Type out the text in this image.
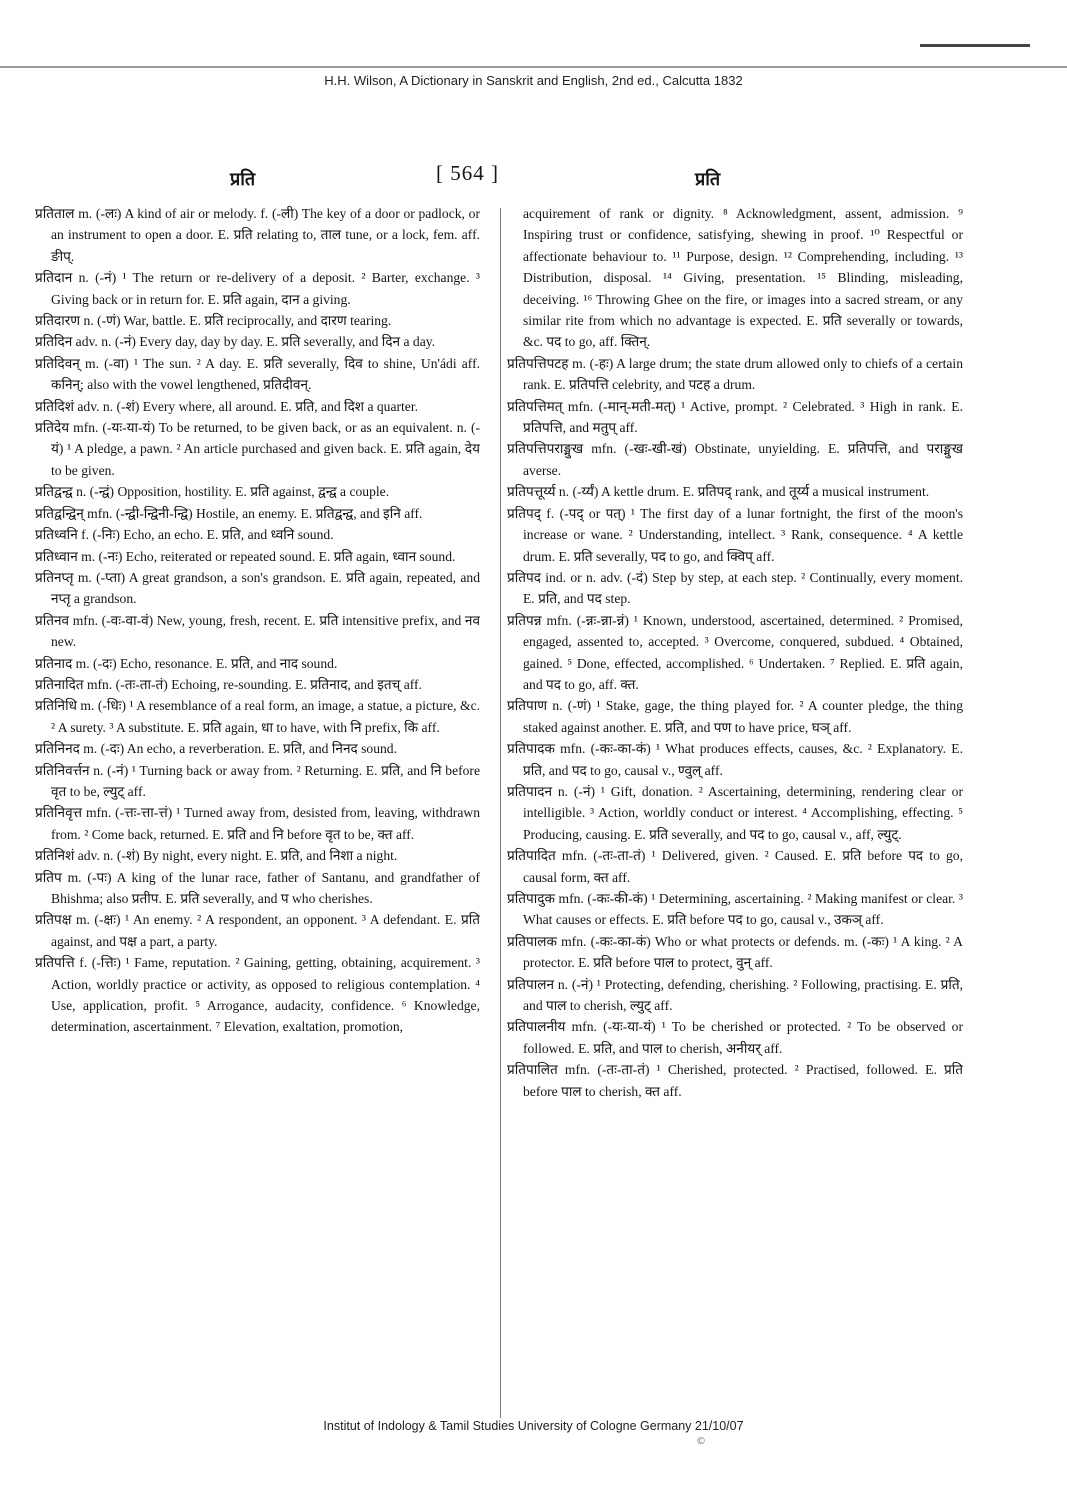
H.H. Wilson, A Dictionary in Sanskrit and English, 2nd ed., Calcutta 1832
प्रति	[ 564 ]	प्रति

प्रतिताल m. (-लः) A kind of air or melody. f. (-ली) The key of a door or padlock, or an instrument to open a door. E. प्रति relating to, ताल tune, or a lock, fem. aff. ङीप्.

प्रतिदान n. (-नं) ¹ The return or re-delivery of a deposit. ² Barter, exchange. ³ Giving back or in return for. E. प्रति again, दान a giving.

प्रतिदारण n. (-णं) War, battle. E. प्रति reciprocally, and दारण tearing.

प्रतिदिन adv. n. (-नं) Every day, day by day. E. प्रति severally, and दिन a day.

प्रतिदिवन् m. (-वा) ¹ The sun. ² A day. E. प्रति severally, दिव to shine, Un'ádi aff. कनिन्; also with the vowel lengthened, प्रतिदीवन्.

प्रतिदिशं adv. n. (-शं) Every where, all around. E. प्रति, and दिश a quarter.

प्रतिदेय mfn. (-यः-या-यं) To be returned, to be given back, or as an equivalent. n. (-यं) ¹ A pledge, a pawn. ² An article purchased and given back. E. प्रति again, देय to be given.

प्रतिद्वन्द्व n. (-न्द्वं) Opposition, hostility. E. प्रति against, द्वन्द्व a couple.

प्रतिद्वन्द्विन् mfn. (-न्द्वी-न्द्विनी-न्द्वि) Hostile, an enemy. E. प्रतिद्वन्द्व, and इनि aff.

प्रतिध्वनि f. (-निः) Echo, an echo. E. प्रति, and ध्वनि sound.

प्रतिध्वान m. (-नः) Echo, reiterated or repeated sound. E. प्रति again, ध्वान sound.

प्रतिनप्तृ m. (-प्ता) A great grandson, a son's grandson. E. प्रति again, repeated, and नप्तृ a grandson.

प्रतिनव mfn. (-वः-वा-वं) New, young, fresh, recent. E. प्रति intensitive prefix, and नव new.

प्रतिनाद m. (-दः) Echo, resonance. E. प्रति, and नाद sound.

प्रतिनादित mfn. (-तः-ता-तं) Echoing, re-sounding. E. प्रतिनाद, and इतच् aff.

प्रतिनिधि m. (-धिः) ¹ A resemblance of a real form, an image, a statue, a picture, &c. ² A surety. ³ A substitute. E. प्रति again, धा to have, with नि prefix, कि aff.

प्रतिनिनद m. (-दः) An echo, a reverberation. E. प्रति, and निनद sound.

प्रतिनिवर्त्तन n. (-नं) ¹ Turning back or away from. ² Returning. E. प्रति, and नि before वृत to be, ल्युट् aff.

प्रतिनिवृत्त mfn. (-त्तः-त्ता-त्तं) ¹ Turned away from, desisted from, leaving, withdrawn from. ² Come back, returned. E. प्रति and नि before वृत to be, क्त aff.

प्रतिनिशं adv. n. (-शं) By night, every night. E. प्रति, and निशा a night.

प्रतिप m. (-पः) A king of the lunar race, father of Santanu, and grandfather of Bhishma; also प्रतीप. E. प्रति severally, and प who cherishes.

प्रतिपक्ष m. (-क्षः) ¹ An enemy. ² A respondent, an opponent. ³ A defendant. E. प्रति against, and पक्ष a part, a party.

प्रतिपत्ति f. (-त्तिः) ¹ Fame, reputation. ² Gaining, getting, obtaining, acquirement. ³ Action, worldly practice or activity, as opposed to religious contemplation. ⁴ Use, application, profit. ⁵ Arrogance, audacity, confidence. ⁶ Knowledge, determination, ascertainment. ⁷ Elevation, exaltation, promotion,

acquirement of rank or dignity. ⁸ Acknowledgment, assent, admission. ⁹ Inspiring trust or confidence, satisfying, shewing in proof. ¹⁰ Respectful or affectionate behaviour to. ¹¹ Purpose, design. ¹² Comprehending, including. ¹³ Distribution, disposal. ¹⁴ Giving, presentation. ¹⁵ Blinding, misleading, deceiving. ¹⁶ Throwing Ghee on the fire, or images into a sacred stream, or any similar rite from which no advantage is expected. E. प्रति severally or towards, &c. पद to go, aff. क्तिन्.

प्रतिपत्तिपटह m. (-हः) A large drum; the state drum allowed only to chiefs of a certain rank. E. प्रतिपत्ति celebrity, and पटह a drum.

प्रतिपत्तिमत् mfn. (-मान्-मती-मत्) ¹ Active, prompt. ² Celebrated. ³ High in rank. E. प्रतिपत्ति, and मतुप् aff.

प्रतिपत्तिपराङ्मुख mfn. (-खः-खी-खं) Obstinate, unyielding. E. प्रतिपत्ति, and पराङ्मुख averse.

प्रतिपत्तूर्य्य n. (-र्य्यं) A kettle drum. E. प्रतिपद् rank, and तूर्य्य a musical instrument.

प्रतिपद् f. (-पद् or पत्) ¹ The first day of a lunar fortnight, the first of the moon's increase or wane. ² Understanding, intellect. ³ Rank, consequence. ⁴ A kettle drum. E. प्रति severally, पद to go, and क्विप् aff.

प्रतिपद ind. or n. adv. (-दं) Step by step, at each step. ² Continually, every moment. E. प्रति, and पद step.

प्रतिपन्न mfn. (-न्नः-न्ना-न्नं) ¹ Known, understood, ascertained, determined. ² Promised, engaged, assented to, accepted. ³ Overcome, conquered, subdued. ⁴ Obtained, gained. ⁵ Done, effected, accomplished. ⁶ Undertaken. ⁷ Replied. E. प्रति again, and पद to go, aff. क्त.

प्रतिपाण n. (-णं) ¹ Stake, gage, the thing played for. ² A counter pledge, the thing staked against another. E. प्रति, and पण to have price, घञ् aff.

प्रतिपादक mfn. (-कः-का-कं) ¹ What produces effects, causes, &c. ² Explanatory. E. प्रति, and पद to go, causal v., ण्वुल् aff.

प्रतिपादन n. (-नं) ¹ Gift, donation. ² Ascertaining, determining, rendering clear or intelligible. ³ Action, worldly conduct or interest. ⁴ Accomplishing, effecting. ⁵ Producing, causing. E. प्रति severally, and पद to go, causal v., aff, ल्युट्.

प्रतिपादित mfn. (-तः-ता-तं) ¹ Delivered, given. ² Caused. E. प्रति before पद to go, causal form, क्त aff.

प्रतिपादुक mfn. (-कः-की-कं) ¹ Determining, ascertaining. ² Making manifest or clear. ³ What causes or effects. E. प्रति before पद to go, causal v., उकञ् aff.

प्रतिपालक mfn. (-कः-का-कं) Who or what protects or defends. m. (-कः) ¹ A king. ² A protector. E. प्रति before पाल to protect, वुन् aff.

प्रतिपालन n. (-नं) ¹ Protecting, defending, cherishing. ² Following, practising. E. प्रति, and पाल to cherish, ल्युट् aff.

प्रतिपालनीय mfn. (-यः-या-यं) ¹ To be cherished or protected. ² To be observed or followed. E. प्रति, and पाल to cherish, अनीयर् aff.

प्रतिपालित mfn. (-तः-ता-तं) ¹ Cherished, protected. ² Practised, followed. E. प्रति before पाल to cherish, क्त aff.

Institut of Indology & Tamil Studies University of Cologne Germany 21/10/07
©
